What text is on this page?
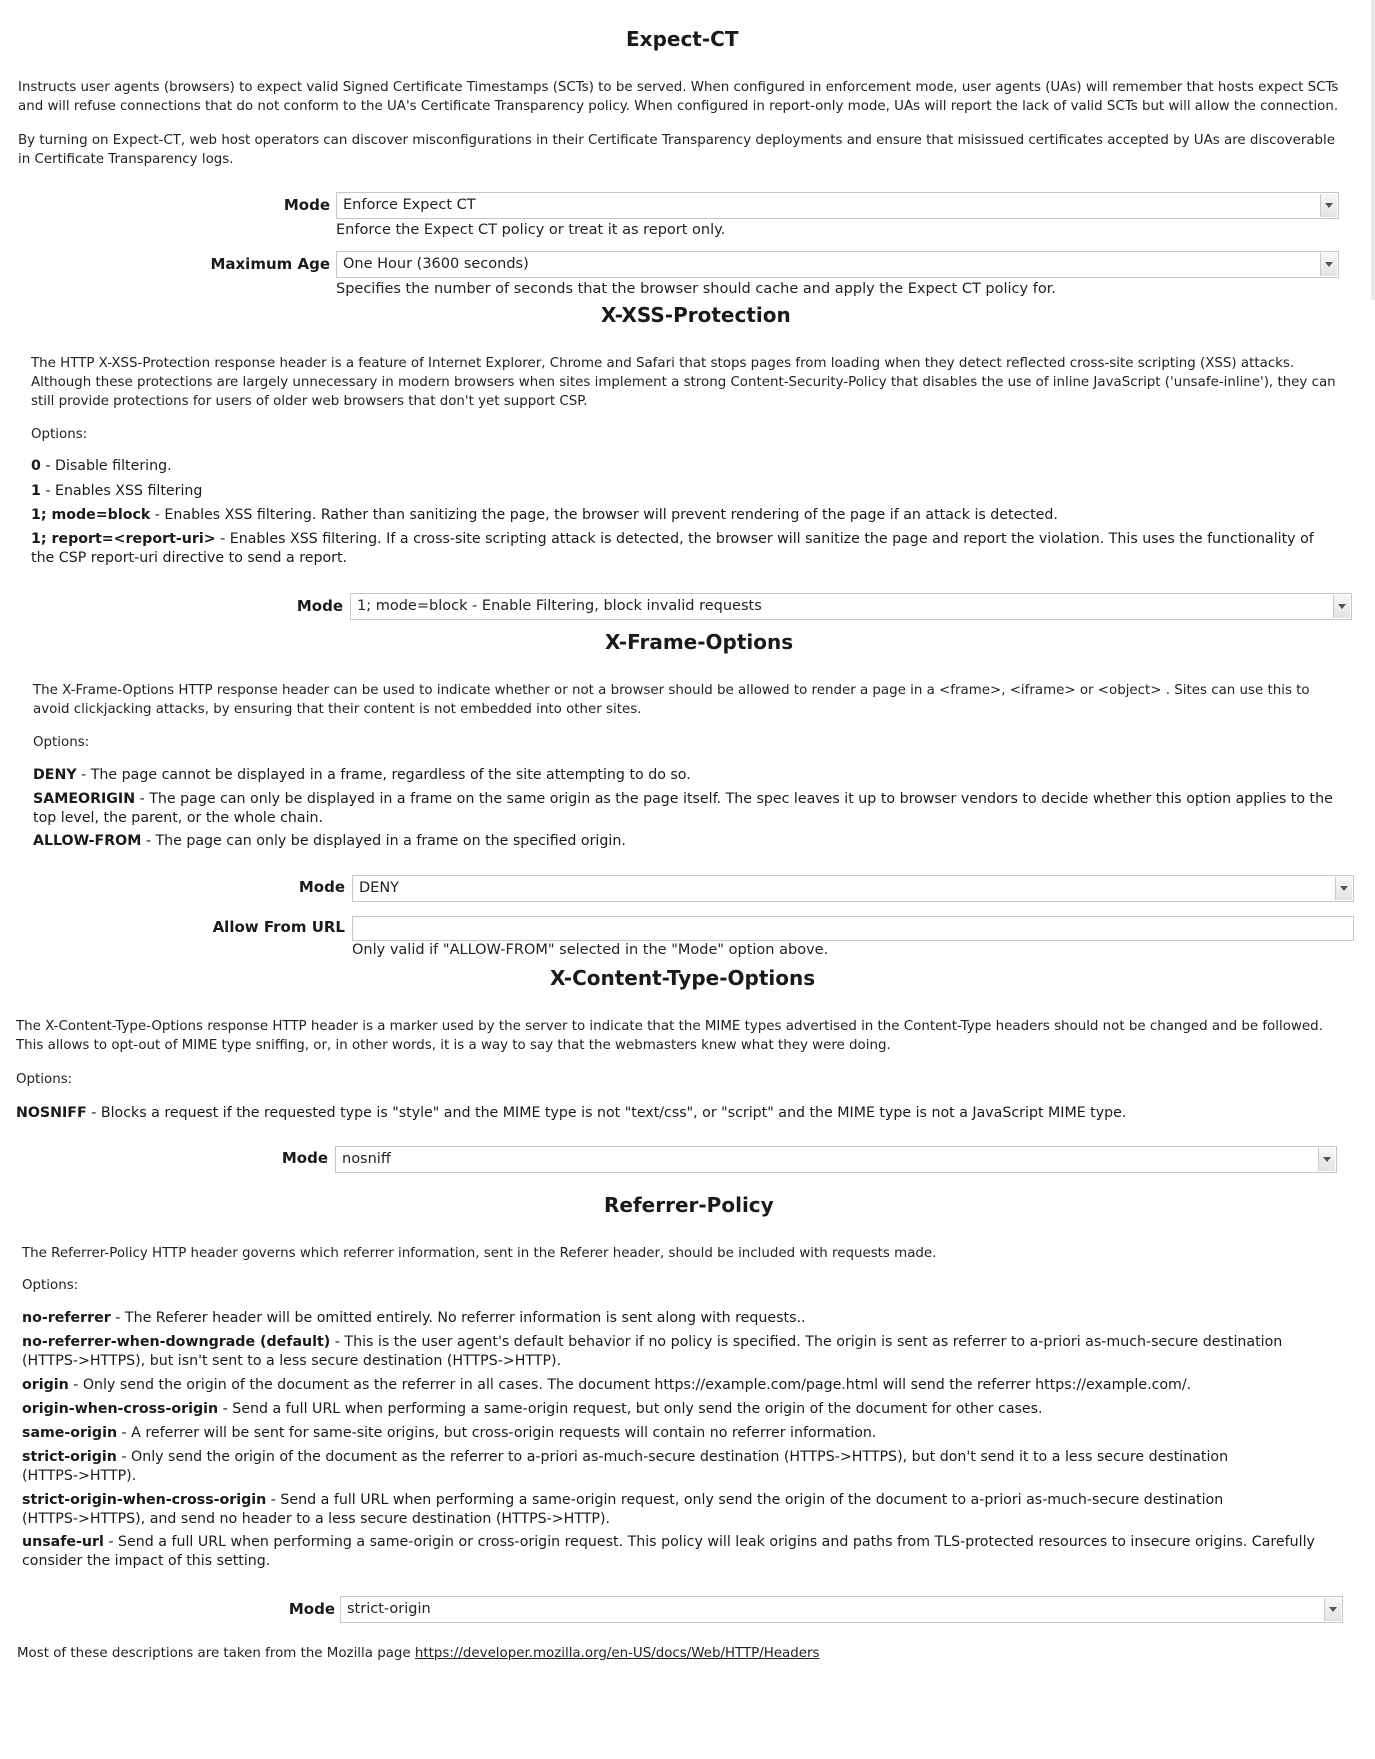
Expect-CT

Instructs user agents (browsers) to expect valid Signed Certificate Timestamps (SCTs) to be served. When configured in enforcement mode, user agents (UAs) will remember that hosts expect SCTs and will refuse connections that do not conform to the UA's Certificate Transparency policy. When configured in report-only mode, UAs will report the lack of valid SCTs but will allow the connection.

By turning on Expect-CT, web host operators can discover misconfigurations in their Certificate Transparency deployments and ensure that misissued certificates accepted by UAs are discoverable in Certificate Transparency logs.

Mode Enforce Expect CT
Enforce the Expect CT policy or treat it as report only.
Maximum Age One Hour (3600 seconds)
Specifies the number of seconds that the browser should cache and apply the Expect CT policy for.
X-XSS-Protection

The HTTP X-XSS-Protection response header is a feature of Internet Explorer, Chrome and Safari that stops pages from loading when they detect reflected cross-site scripting (XSS) attacks. Although these protections are largely unnecessary in modern browsers when sites implement a strong Content-Security-Policy that disables the use of inline JavaScript ('unsafe-inline'), they can still provide protections for users of older web browsers that don't yet support CSP.

Options:

0 - Disable filtering.
1 - Enables XSS filtering
1; mode=block - Enables XSS filtering. Rather than sanitizing the page, the browser will prevent rendering of the page if an attack is detected.
1; report=<report-uri> - Enables XSS filtering. If a cross-site scripting attack is detected, the browser will sanitize the page and report the violation. This uses the functionality of the CSP report-uri directive to send a report.
Mode 1; mode=block - Enable Filtering, block invalid requests
X-Frame-Options

The X-Frame-Options HTTP response header can be used to indicate whether or not a browser should be allowed to render a page in a <frame>, <iframe> or <object> . Sites can use this to avoid clickjacking attacks, by ensuring that their content is not embedded into other sites.

Options:

DENY - The page cannot be displayed in a frame, regardless of the site attempting to do so.
SAMEORIGIN - The page can only be displayed in a frame on the same origin as the page itself. The spec leaves it up to browser vendors to decide whether this option applies to the top level, the parent, or the whole chain.
ALLOW-FROM - The page can only be displayed in a frame on the specified origin.
Mode DENY
Allow From URL
Only valid if "ALLOW-FROM" selected in the "Mode" option above.
X-Content-Type-Options

The X-Content-Type-Options response HTTP header is a marker used by the server to indicate that the MIME types advertised in the Content-Type headers should not be changed and be followed. This allows to opt-out of MIME type sniffing, or, in other words, it is a way to say that the webmasters knew what they were doing.

Options:

NOSNIFF - Blocks a request if the requested type is "style" and the MIME type is not "text/css", or "script" and the MIME type is not a JavaScript MIME type.
Mode nosniff
Referrer-Policy

The Referrer-Policy HTTP header governs which referrer information, sent in the Referer header, should be included with requests made.

Options:

no-referrer - The Referer header will be omitted entirely. No referrer information is sent along with requests..
no-referrer-when-downgrade (default) - This is the user agent's default behavior if no policy is specified. The origin is sent as referrer to a-priori as-much-secure destination (HTTPS->HTTPS), but isn't sent to a less secure destination (HTTPS->HTTP).
origin - Only send the origin of the document as the referrer in all cases. The document https://example.com/page.html will send the referrer https://example.com/.
origin-when-cross-origin - Send a full URL when performing a same-origin request, but only send the origin of the document for other cases.
same-origin - A referrer will be sent for same-site origins, but cross-origin requests will contain no referrer information.
strict-origin - Only send the origin of the document as the referrer to a-priori as-much-secure destination (HTTPS->HTTPS), but don't send it to a less secure destination (HTTPS->HTTP).
strict-origin-when-cross-origin - Send a full URL when performing a same-origin request, only send the origin of the document to a-priori as-much-secure destination (HTTPS->HTTPS), and send no header to a less secure destination (HTTPS->HTTP).
unsafe-url - Send a full URL when performing a same-origin or cross-origin request. This policy will leak origins and paths from TLS-protected resources to insecure origins. Carefully consider the impact of this setting.
Mode strict-origin
Most of these descriptions are taken from the Mozilla page https://developer.mozilla.org/en-US/docs/Web/HTTP/Headers
